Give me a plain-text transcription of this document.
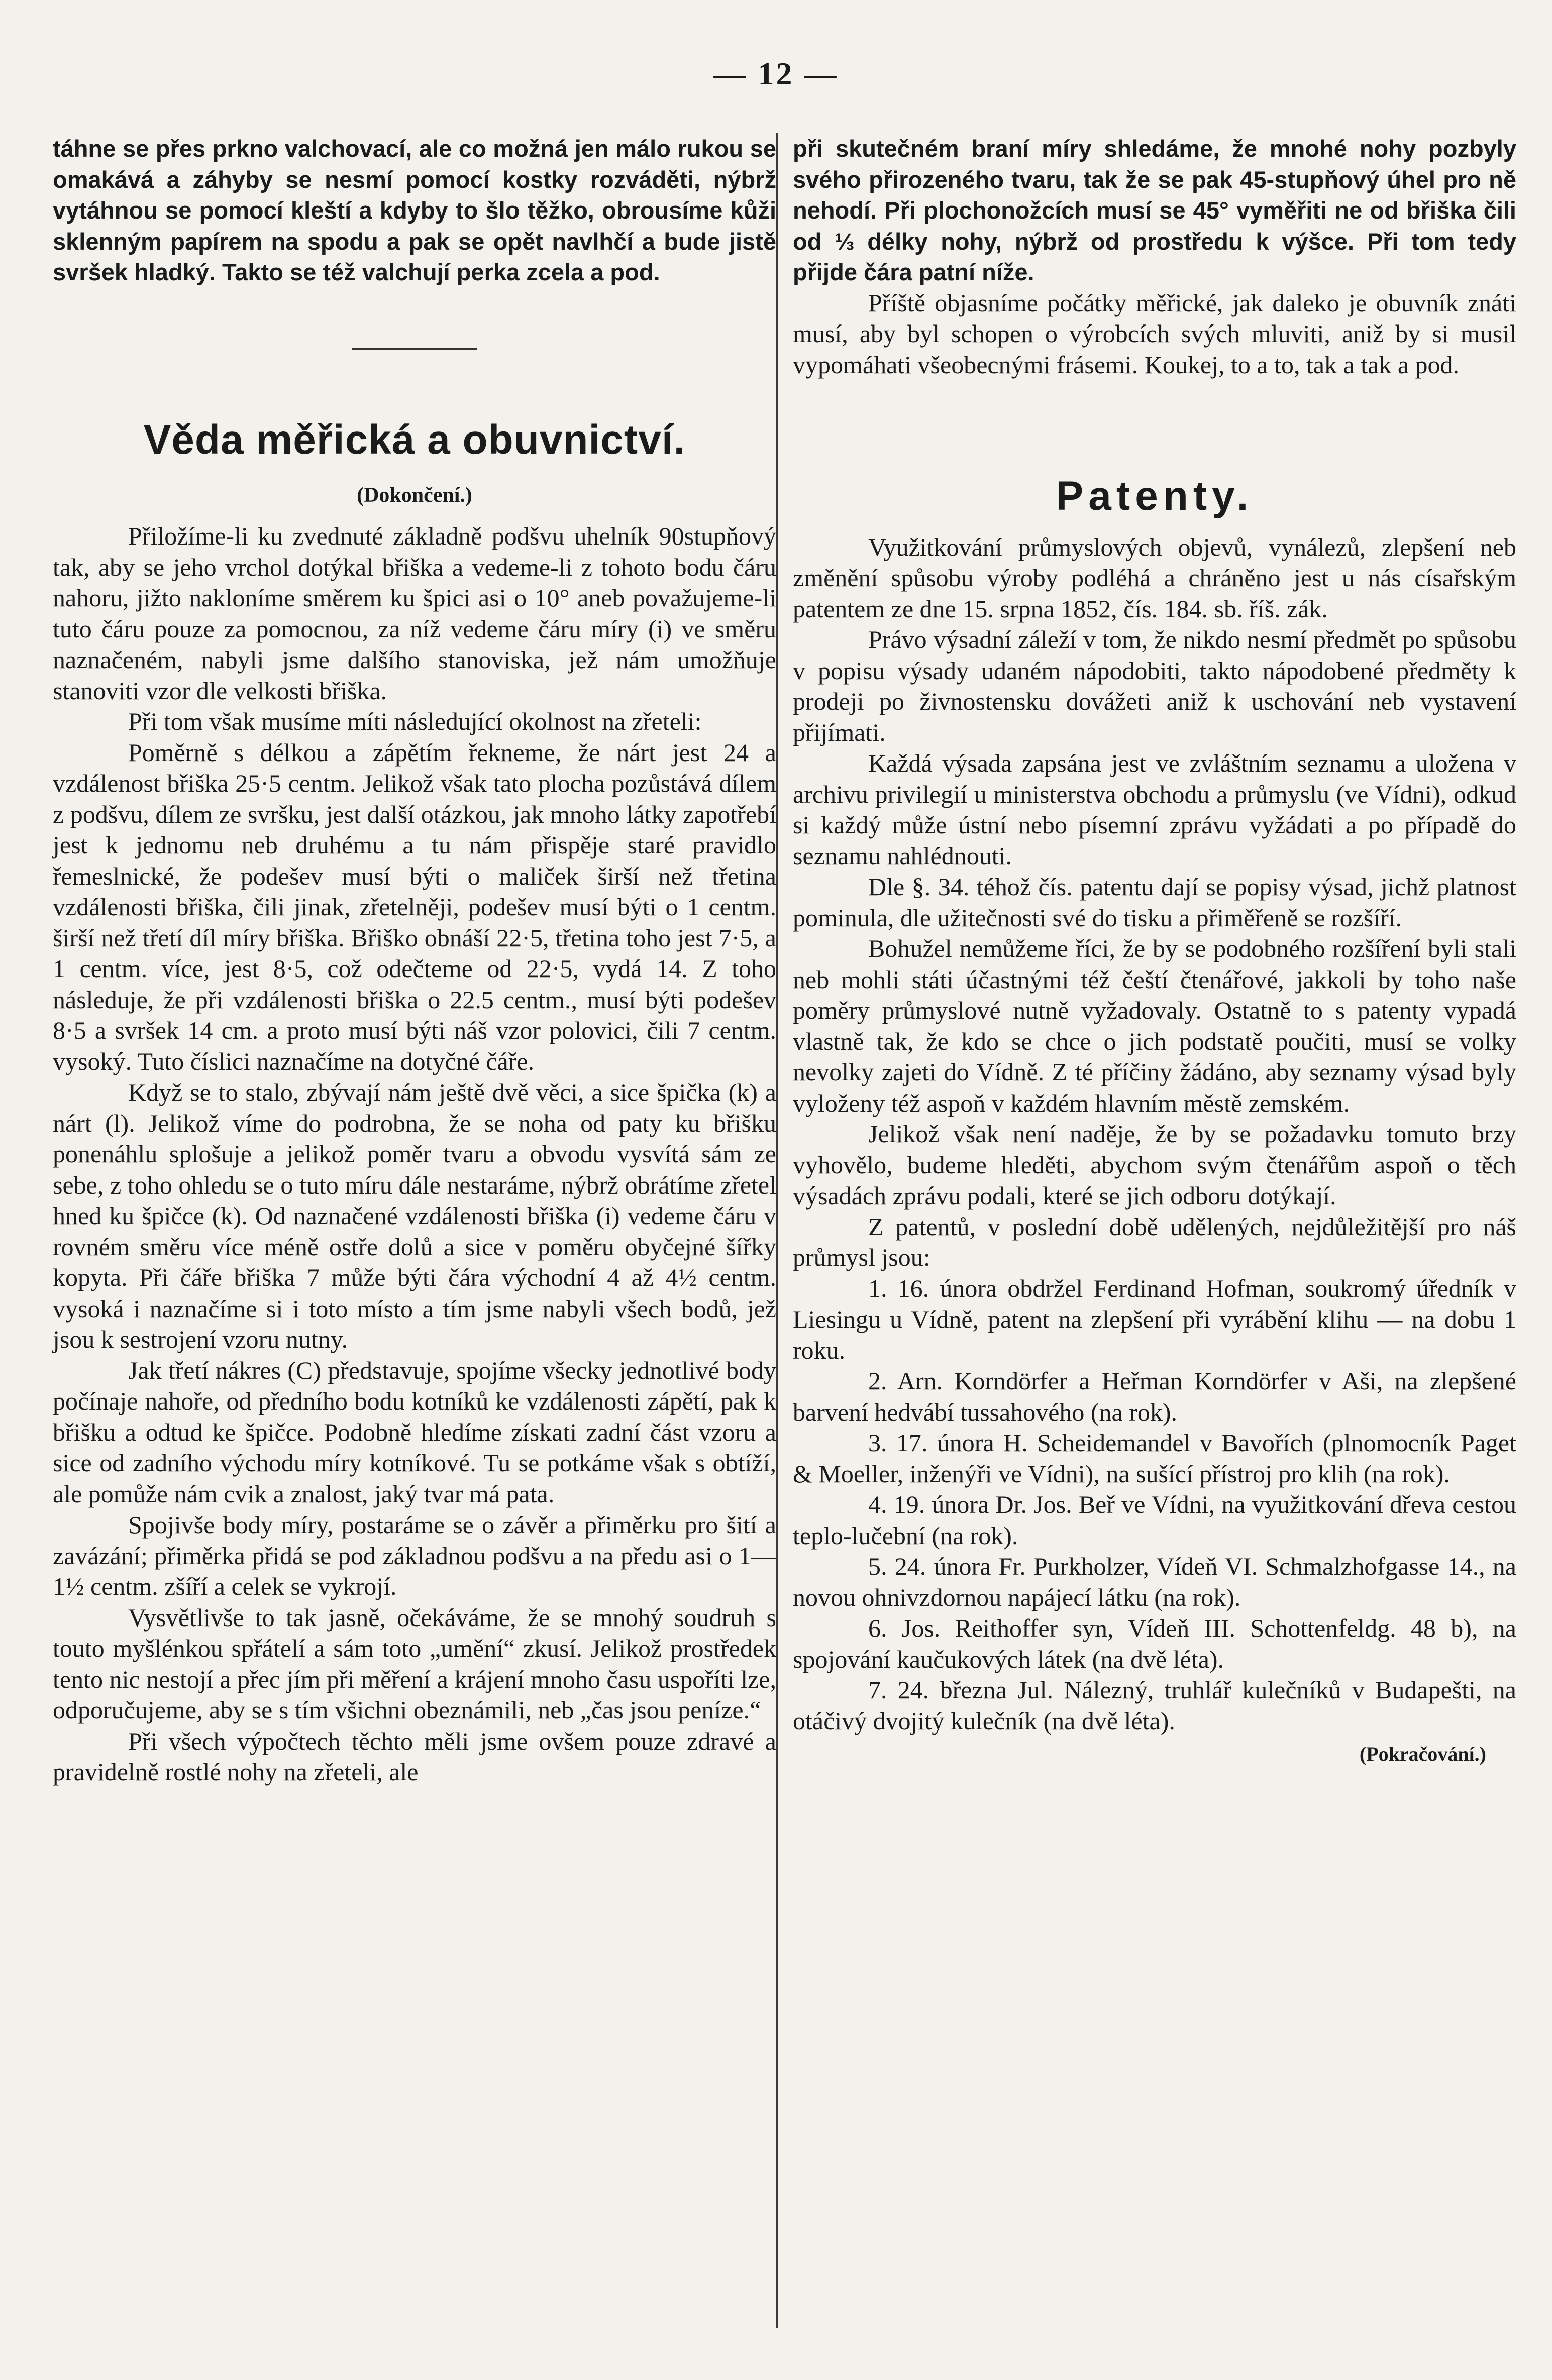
— 12 —

táhne se přes prkno valchovací, ale co možná jen málo rukou se omakává a záhyby se nesmí pomocí kostky rozváděti, nýbrž vytáhnou se pomocí kleští a kdyby to šlo těžko, obrousíme kůži sklenným papírem na spodu a pak se opět navlhčí a bude jistě svršek hladký. Takto se též valchují perka zcela a pod.

Věda měřická a obuvnictví.
(Dokončení.)

Přiložíme-li ku zvednuté základně podšvu uhelník 90stupňový tak, aby se jeho vrchol dotýkal břiška a vedeme-li z tohoto bodu čáru nahoru, jižto nakloníme směrem ku špici asi o 10° aneb považujeme-li tuto čáru pouze za pomocnou, za níž vedeme čáru míry (i) ve směru naznačeném, nabyli jsme dalšího stanoviska, jež nám umožňuje stanoviti vzor dle velkosti břiška.

Při tom však musíme míti následující okolnost na zřeteli:

Poměrně s délkou a zápětím řekneme, že nárt jest 24 a vzdálenost břiška 25·5 centm. Jelikož však tato plocha pozůstává dílem z podšvu, dílem ze svršku, jest další otázkou, jak mnoho látky zapotřebí jest k jednomu neb druhému a tu nám přispěje staré pravidlo řemeslnické, že podešev musí býti o maliček širší než třetina vzdálenosti břiška, čili jinak, zřetelněji, podešev musí býti o 1 centm. širší než třetí díl míry břiška. Břiško obnáší 22·5, třetina toho jest 7·5, a 1 centm. více, jest 8·5, což odečteme od 22·5, vydá 14. Z toho následuje, že při vzdálenosti břiška o 22.5 centm., musí býti podešev 8·5 a svršek 14 cm. a proto musí býti náš vzor polovici, čili 7 centm. vysoký. Tuto číslici naznačíme na dotyčné čáře.

Když se to stalo, zbývají nám ještě dvě věci, a sice špička (k) a nárt (l). Jelikož víme do podrobna, že se noha od paty ku břišku ponenáhlu splošuje a jelikož poměr tvaru a obvodu vysvítá sám ze sebe, z toho ohledu se o tuto míru dále nestaráme, nýbrž obrátíme zřetel hned ku špičce (k). Od naznačené vzdálenosti břiška (i) vedeme čáru v rovném směru více méně ostře dolů a sice v poměru obyčejné šířky kopyta. Při čáře břiška 7 může býti čára východní 4 až 4½ centm. vysoká i naznačíme si i toto místo a tím jsme nabyli všech bodů, jež jsou k sestrojení vzoru nutny.

Jak třetí nákres (C) představuje, spojíme všecky jednotlivé body počínaje nahoře, od předního bodu kotníků ke vzdálenosti zápětí, pak k břišku a odtud ke špičce. Podobně hledíme získati zadní část vzoru a sice od zadního východu míry kotníkové. Tu se potkáme však s obtíží, ale pomůže nám cvik a znalost, jaký tvar má pata.

Spojivše body míry, postaráme se o závěr a přiměrku pro šití a zavázání; přiměrka přidá se pod základnou podšvu a na předu asi o 1—1½ centm. zšíří a celek se vykrojí.

Vysvětlivše to tak jasně, očekáváme, že se mnohý soudruh s toutо myšlénkou spřátelí a sám toto „umění“ zkusí. Jelikož prostředek tento nic nestojí a přec jím při měření a krájení mnoho času uspoříti lze, odporučujeme, aby se s tím všichni obeznámili, neb „čas jsou peníze.“

Při všech výpočtech těchto měli jsme ovšem pouze zdravé a pravidelně rostlé nohy na zřeteli, ale

při skutečném braní míry shledáme, že mnohé nohy pozbyly svého přirozeného tvaru, tak že se pak 45-stupňový úhel pro ně nehodí. Při plochonožcích musí se 45° vyměřiti ne od břiška čili od ⅓ délky nohy, nýbrž od prostředu k výšce. Při tom tedy přijde čára patní níže.

Příště objasníme počátky měřické, jak daleko je obuvník znáti musí, aby byl schopen o výrobcích svých mluviti, aniž by si musil vypomáhati všeobecnými frásemi. Koukej, to a to, tak a tak a pod.

Patenty.

Využitkování průmyslových objevů, vynálezů, zlepšení neb změnění spůsobu výroby podléhá a chráněno jest u nás císařským patentem ze dne 15. srpna 1852, čís. 184. sb. říš. zák.

Právo výsadní záleží v tom, že nikdo nesmí předmět po spůsobu v popisu výsady udaném nápodobiti, takto nápodobené předměty k prodeji po živnostensku dovážeti aniž k uschování neb vystavení přijímati.

Každá výsada zapsána jest ve zvláštním seznamu a uložena v archivu privilegií u ministerstva obchodu a průmyslu (ve Vídni), odkud si každý může ústní nebo písemní zprávu vyžádati a po případě do seznamu nahlédnouti.

Dle §. 34. téhož čís. patentu dají se popisy výsad, jichž platnost pominula, dle užitečnosti své do tisku a přiměřeně se rozšíří.

Bohužel nemůžeme říci, že by se podobného rozšíření byli stali neb mohli státi účastnými též čeští čtenářové, jakkoli by toho naše poměry průmyslové nutně vyžadovaly. Ostatně to s patenty vypadá vlastně tak, že kdo se chce o jich podstatě poučiti, musí se volky nevolky zajeti do Vídně. Z té příčiny žádáno, aby seznamy výsad byly vyloženy též aspoň v každém hlavním městě zemském.

Jelikož však není naděje, že by se požadavku tomuto brzy vyhovělo, budeme hleděti, abychom svým čtenářům aspoň o těch výsadách zprávu podali, které se jich odboru dotýkají.

Z patentů, v poslední době udělených, nejdůležitější pro náš průmysl jsou:

1. 16. února obdržel Ferdinand Hofman, soukromý úředník v Liesingu u Vídně, patent na zlepšení při vyrábění klihu — na dobu 1 roku.

2. Arn. Korndörfer a Heřman Korndörfer v Aši, na zlepšené barvení hedvábí tussahového (na rok).

3. 17. února H. Scheidemandel v Bavořích (plnomocník Paget & Moeller, inženýři ve Vídni), na sušící přístroj pro klih (na rok).

4. 19. února Dr. Jos. Beř ve Vídni, na využitkování dřeva cestou teplo-lučební (na rok).

5. 24. února Fr. Purkholzer, Vídeň VI. Schmalzhofgasse 14., na novou ohnivzdornou napájecí látku (na rok).

6. Jos. Reithoffer syn, Vídeň III. Schottenfeldg. 48 b), na spojování kaučukových látek (na dvě léta).

7. 24. března Jul. Nálezný, truhlář kulečníků v Budapešti, na otáčivý dvojitý kulečník (na dvě léta).

(Pokračování.)
